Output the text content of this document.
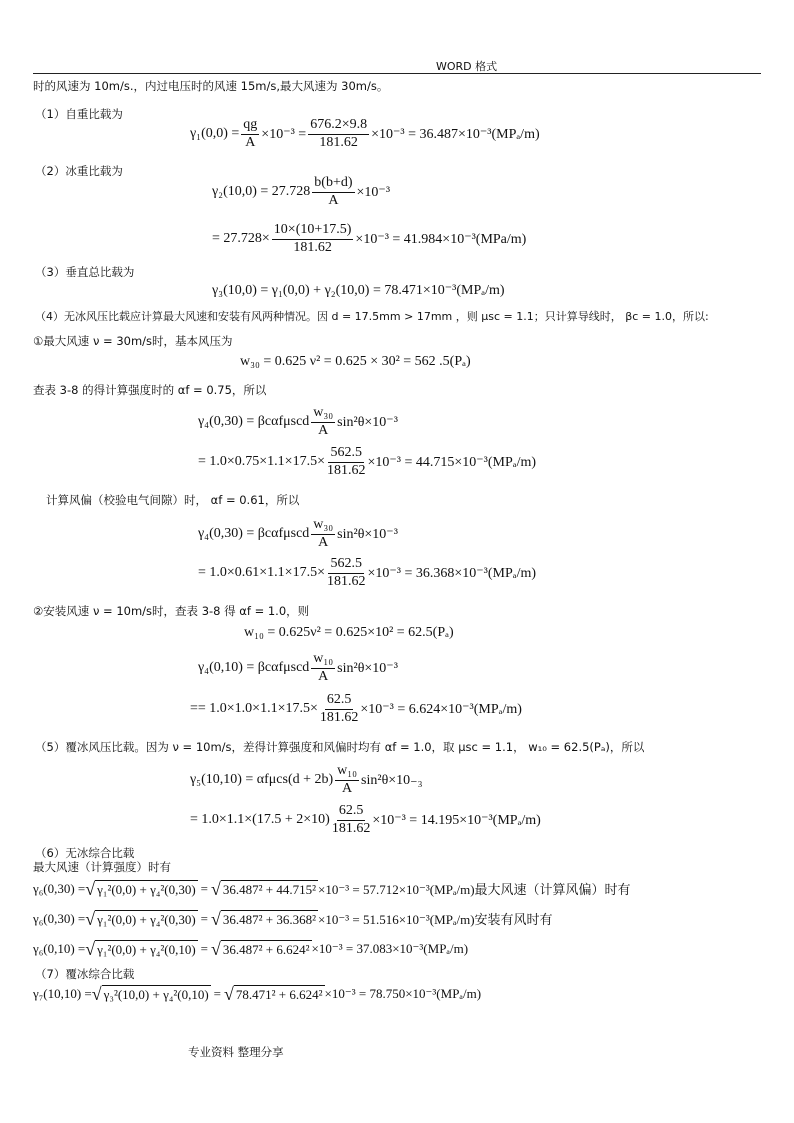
WORD 格式
时的风速为 10m/s.，内过电压时的风速 15m/s,最大风速为 30m/s。
（1）自重比载为
$\gamma_1(0,0) = \frac{qg}{A} \times 10^{-3} = \frac{676.2\times 9.8}{181.62} \times 10^{-3} = 36.487\times 10^{-3}(MP_a/m)$
（2）冰重比载为
$\gamma_2(10,0) = 27.728 \frac{b(b+d)}{A} \times 10^{-3}$
= $27.728\times \frac{10\times(10+17.5)}{181.62} \times 10^{-3} = 41.984\times 10^{-3}(MPa/m)$
（3）垂直总比载为
γ₃(10,0) = γ₁(0,0) + γ₂(10,0) = 78.471×10⁻³(MPₐ/m)
（4）无冰风压比载应计算最大风速和安装有风两种情况。因 d = 17.5mm > 17mm ，则 μsc = 1.1；只计算导线时， βc = 1.0，所以:
①最大风速 ν = 30m/s时，基本风压为
w₃₀ = 0.625 ν² = 0.625 × 30² = 562 .5(Pₐ)
查表 3-8 的得计算强度时的 αf = 0.75，所以
γ₄(0,30) = βcαfμscd $\frac{\text{w₃₀}}{A} \sin^2\theta\times 10^{-3}$
= $1.0\times 0.75\times 1.1\times 17.5\times \frac{562.5}{181.62} \times 10^{-3} = 44.715\times 10^{-3}(MP_a/m)$
计算风偏（校验电气间隙）时， αf = 0.61，所以
γ₄(0,30) = βcαfμscd $\frac{\text{w₃₀}}{A} \sin^2\theta\times 10^{-3}$
= $1.0\times 0.61\times 1.1\times 17.5\times \frac{562.5}{181.62} \times 10^{-3} = 36.368\times 10^{-3}(MP_a/m)$
②安装风速 ν = 10m/s时，查表 3-8 得 αf = 1.0，则
w₁₀ = 0.625ν² = 0.625×10² = 62.5(Pₐ)
γ₄(0,10) = βcαfμscd $\frac{\text{w₁₀}}{A} \sin^2\theta\times 10^{-3}$
== $1.0\times 1.0\times 1.1\times 17.5\times \frac{62.5}{181.62} \times 10^{-3} = 6.624\times 10^{-3}(MP_a/m)$
（5）覆冰风压比载。因为 ν = 10m/s，差得计算强度和风偏时均有 αf = 1.0，取 μsc = 1.1， w₁₀ = 62.5(Pₐ)，所以
$\gamma_5(10,10) = \alpha f\mu cs(d + 2b) \frac{\text{w₁₀}}{A} \sin^2\theta\times 10_{-3}$
= $1.0\times 1.1\times(17.5 + 2\times 10) \frac{62.5}{181.62} \times 10^{-3} = 14.195\times 10^{-3}(MP_a/m)$
（6）无冰综合比载
最大风速（计算强度）时有
γ₆(0,30) = √ γ₁²(0,0) + γ₄²(0,30) = √ 36.487² + 44.715² ×10⁻³ = 57.712×10⁻³(MPₐ/m)最大风速（计算风偏）时有
γ₆(0,30) = √ γ₁²(0,0) + γ₄²(0,30) = √ 36.487² + 36.368² ×10⁻³ = 51.516×10⁻³(MPₐ/m)安装有风时有
γ₆(0,10) = √ γ₁²(0,0) + γ₄²(0,10) = √ 36.487² + 6.624² ×10⁻³ = 37.083×10⁻³(MPₐ/m)
（7）覆冰综合比载
γ₇(10,10) = √ γ₃²(10,0) + γ₄²(0,10) = √ 78.471² + 6.624² ×10⁻³ = 78.750×10⁻³(MPₐ/m)
专业资料 整理分享
